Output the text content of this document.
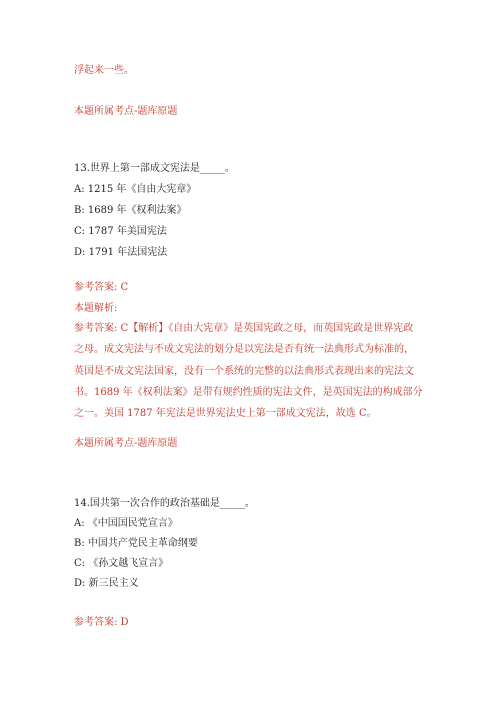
浮起来一些。
本题所属考点-题库原题
13.世界上第一部成文宪法是_____。
A: 1215 年《自由大宪章》
B: 1689 年《权利法案》
C: 1787 年美国宪法
D: 1791 年法国宪法
参考答案: C
本题解析:
参考答案: C【解析】《自由大宪章》是英国宪政之母，而英国宪政是世界宪政
之母。成文宪法与不成文宪法的划分是以宪法是否有统一法典形式为标准的，
英国是不成文宪法国家，没有一个系统的完整的以法典形式表现出来的宪法文
书。1689 年《权利法案》是带有规约性质的宪法文件，是英国宪法的构成部分
之一。美国 1787 年宪法是世界宪法史上第一部成文宪法，故选 C。
本题所属考点-题库原题
14.国共第一次合作的政治基础是_____。
A: 《中国国民党宣言》
B: 中国共产党民主革命纲要
C: 《孙文越飞宣言》
D: 新三民主义
参考答案: D
